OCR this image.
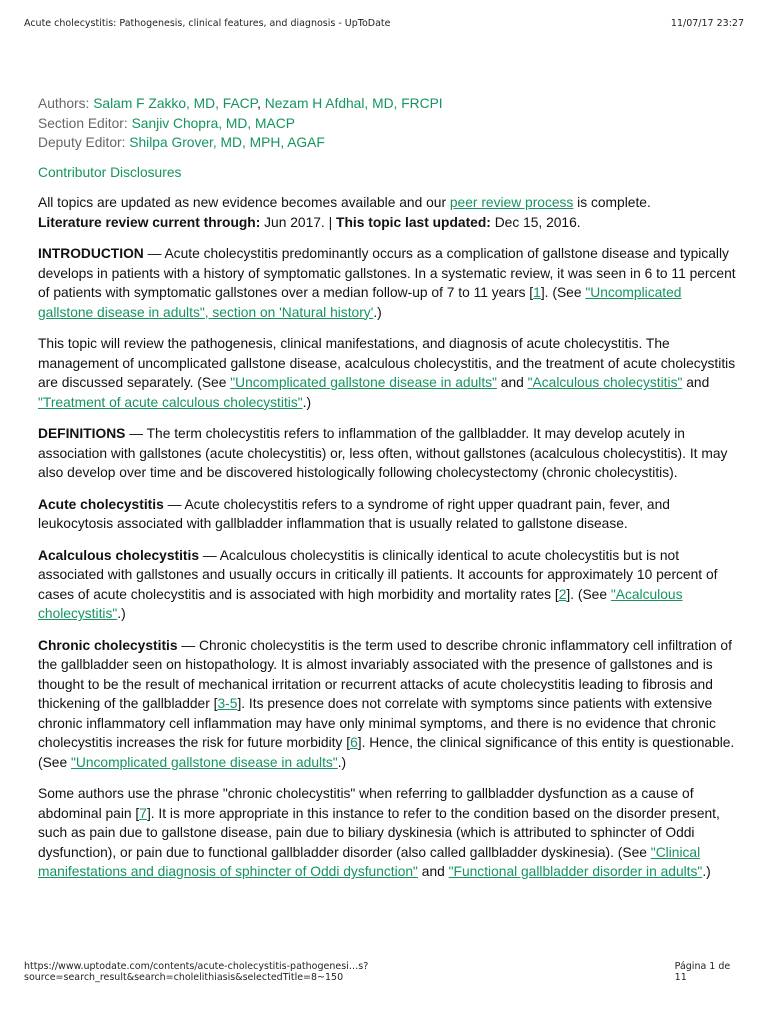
Acute cholecystitis: Pathogenesis, clinical features, and diagnosis - UpToDate	11/07/17 23:27
Authors: Salam F Zakko, MD, FACP, Nezam H Afdhal, MD, FRCPI
Section Editor: Sanjiv Chopra, MD, MACP
Deputy Editor: Shilpa Grover, MD, MPH, AGAF
Contributor Disclosures

All topics are updated as new evidence becomes available and our peer review process is complete.

Literature review current through: Jun 2017. | This topic last updated: Dec 15, 2016.

INTRODUCTION — Acute cholecystitis predominantly occurs as a complication of gallstone disease and typically develops in patients with a history of symptomatic gallstones. In a systematic review, it was seen in 6 to 11 percent of patients with symptomatic gallstones over a median follow-up of 7 to 11 years [1]. (See "Uncomplicated gallstone disease in adults", section on 'Natural history'.)

This topic will review the pathogenesis, clinical manifestations, and diagnosis of acute cholecystitis. The management of uncomplicated gallstone disease, acalculous cholecystitis, and the treatment of acute cholecystitis are discussed separately. (See "Uncomplicated gallstone disease in adults" and "Acalculous cholecystitis" and "Treatment of acute calculous cholecystitis".)

DEFINITIONS — The term cholecystitis refers to inflammation of the gallbladder. It may develop acutely in association with gallstones (acute cholecystitis) or, less often, without gallstones (acalculous cholecystitis). It may also develop over time and be discovered histologically following cholecystectomy (chronic cholecystitis).

Acute cholecystitis — Acute cholecystitis refers to a syndrome of right upper quadrant pain, fever, and leukocytosis associated with gallbladder inflammation that is usually related to gallstone disease.

Acalculous cholecystitis — Acalculous cholecystitis is clinically identical to acute cholecystitis but is not associated with gallstones and usually occurs in critically ill patients. It accounts for approximately 10 percent of cases of acute cholecystitis and is associated with high morbidity and mortality rates [2]. (See "Acalculous cholecystitis".)

Chronic cholecystitis — Chronic cholecystitis is the term used to describe chronic inflammatory cell infiltration of the gallbladder seen on histopathology. It is almost invariably associated with the presence of gallstones and is thought to be the result of mechanical irritation or recurrent attacks of acute cholecystitis leading to fibrosis and thickening of the gallbladder [3-5]. Its presence does not correlate with symptoms since patients with extensive chronic inflammatory cell inflammation may have only minimal symptoms, and there is no evidence that chronic cholecystitis increases the risk for future morbidity [6]. Hence, the clinical significance of this entity is questionable. (See "Uncomplicated gallstone disease in adults".)

Some authors use the phrase "chronic cholecystitis" when referring to gallbladder dysfunction as a cause of abdominal pain [7]. It is more appropriate in this instance to refer to the condition based on the disorder present, such as pain due to gallstone disease, pain due to biliary dyskinesia (which is attributed to sphincter of Oddi dysfunction), or pain due to functional gallbladder disorder (also called gallbladder dyskinesia). (See "Clinical manifestations and diagnosis of sphincter of Oddi dysfunction" and "Functional gallbladder disorder in adults".)

https://www.uptodate.com/contents/acute-cholecystitis-pathogenesi…s?source=search_result&search=cholelithiasis&selectedTitle=8~150
Página 1 de 11
